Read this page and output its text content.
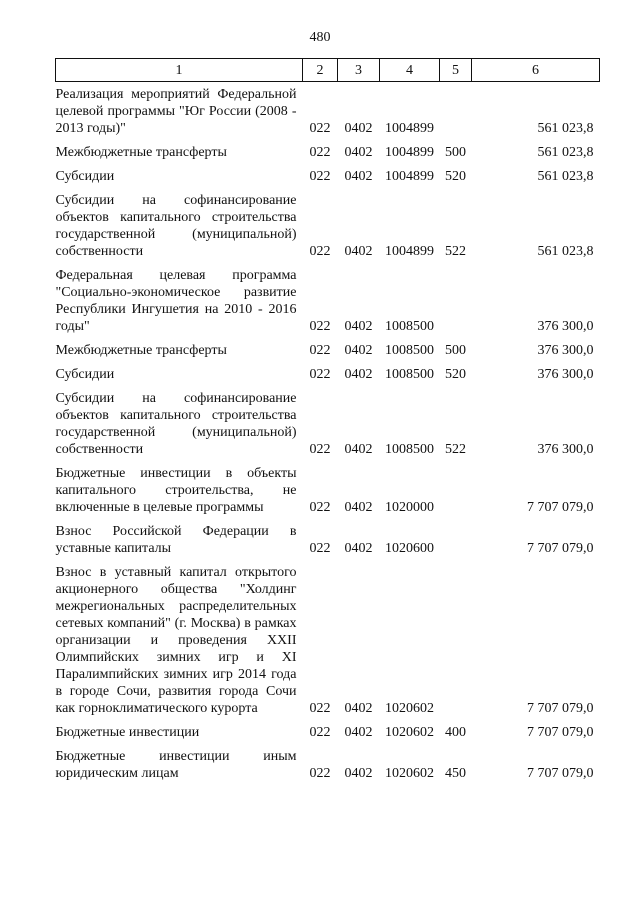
480
1	2	3	4	5	6
Реализация мероприятий Федеральной целевой программы "Юг России (2008 - 2013 годы)"	022	0402	1004899		561 023,8
Межбюджетные трансферты	022	0402	1004899	500	561 023,8
Субсидии	022	0402	1004899	520	561 023,8
Субсидии на софинансирование объектов капитального строительства государственной (муниципальной) собственности	022	0402	1004899	522	561 023,8
Федеральная целевая программа "Социально-экономическое развитие Республики Ингушетия на 2010 - 2016 годы"	022	0402	1008500		376 300,0
Межбюджетные трансферты	022	0402	1008500	500	376 300,0
Субсидии	022	0402	1008500	520	376 300,0
Субсидии на софинансирование объектов капитального строительства государственной (муниципальной) собственности	022	0402	1008500	522	376 300,0
Бюджетные инвестиции в объекты капитального строительства, не включенные в целевые программы	022	0402	1020000		7 707 079,0
Взнос Российской Федерации в уставные капиталы	022	0402	1020600		7 707 079,0
Взнос в уставный капитал открытого акционерного общества "Холдинг межрегиональных распределительных сетевых компаний" (г. Москва) в рамках организации и проведения XXII Олимпийских зимних игр и XI Паралимпийских зимних игр 2014 года в городе Сочи, развития города Сочи как горноклиматического курорта	022	0402	1020602		7 707 079,0
Бюджетные инвестиции	022	0402	1020602	400	7 707 079,0
Бюджетные инвестиции иным юридическим лицам	022	0402	1020602	450	7 707 079,0
